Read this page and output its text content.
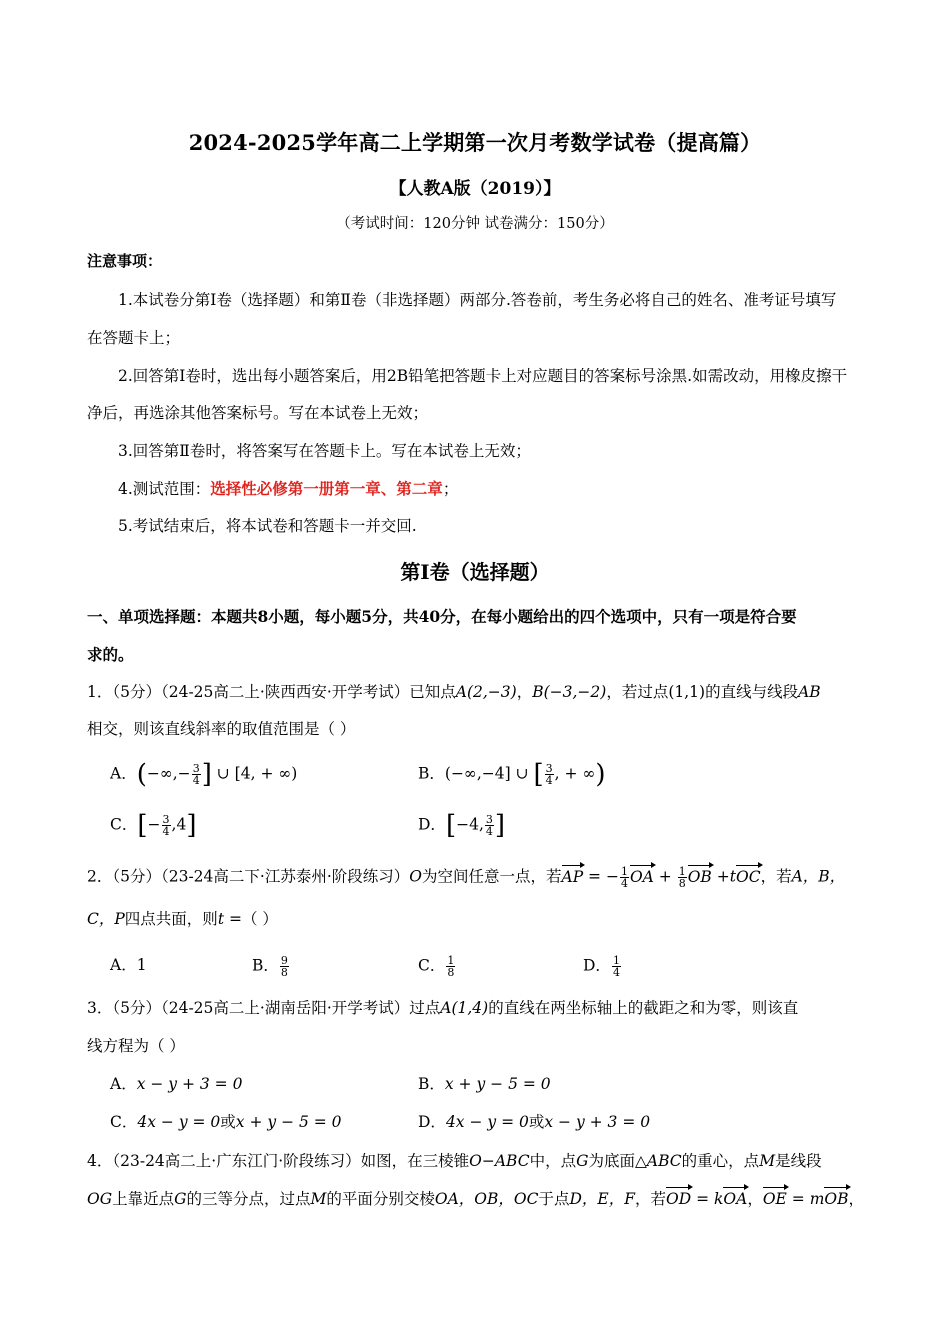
2024-2025学年高二上学期第一次月考数学试卷（提高篇）
【人教A版（2019）】
（考试时间：120分钟 试卷满分：150分）
注意事项：
1.本试卷分第Ⅰ卷（选择题）和第Ⅱ卷（非选择题）两部分.答卷前，考生务必将自己的姓名、准考证号填写
在答题卡上；
2.回答第Ⅰ卷时，选出每小题答案后，用2B铅笔把答题卡上对应题目的答案标号涂黑.如需改动，用橡皮擦干
净后，再选涂其他答案标号。写在本试卷上无效；
3.回答第Ⅱ卷时，将答案写在答题卡上。写在本试卷上无效；
4.测试范围：选择性必修第一册第一章、第二章；
5.考试结束后，将本试卷和答题卡一并交回.
第Ⅰ卷（选择题）
一、单项选择题：本题共8小题，每小题5分，共40分，在每小题给出的四个选项中，只有一项是符合要
求的。
1．（5分）（24-25高二上·陕西西安·开学考试）已知点A(2,−3)，B(−3,−2)，若过点(1,1)的直线与线段AB
相交，则该直线斜率的取值范围是（ ）
A．(−∞,− $\frac{3}{4}$ ] ∪ [4, + ∞)	B．(−∞,−4] ∪ [ $\frac{3}{4}$ , + ∞)
C．[− $\frac{3}{4} ,4$]	D．[−4, $\frac{3}{4}$ ]
2．（5分）（23-24高二下·江苏泰州·阶段练习）O为空间任意一点，若AP = − $\frac{1}{4}$ OA + $\frac{1}{8}$ OB +tOC，若A，B，
C，P四点共面，则t =（ ）
A．1	B． $\frac{9}{8}$	C． $\frac{1}{8}$	D． $\frac{1}{4}$
3．（5分）（24-25高二上·湖南岳阳·开学考试）过点A(1,4)的直线在两坐标轴上的截距之和为零，则该直
线方程为（ ）
A．x − y + 3 = 0	B．x + y − 5 = 0
C．4x − y = 0或x + y − 5 = 0	D．4x − y = 0或x − y + 3 = 0
4．（23-24高二上·广东江门·阶段练习）如图，在三棱锥O−ABC中，点G为底面△ABC的重心，点M是线段
OG上靠近点G的三等分点，过点M的平面分别交棱OA，OB，OC于点D，E，F，若OD = kOA，OE = mOB，
